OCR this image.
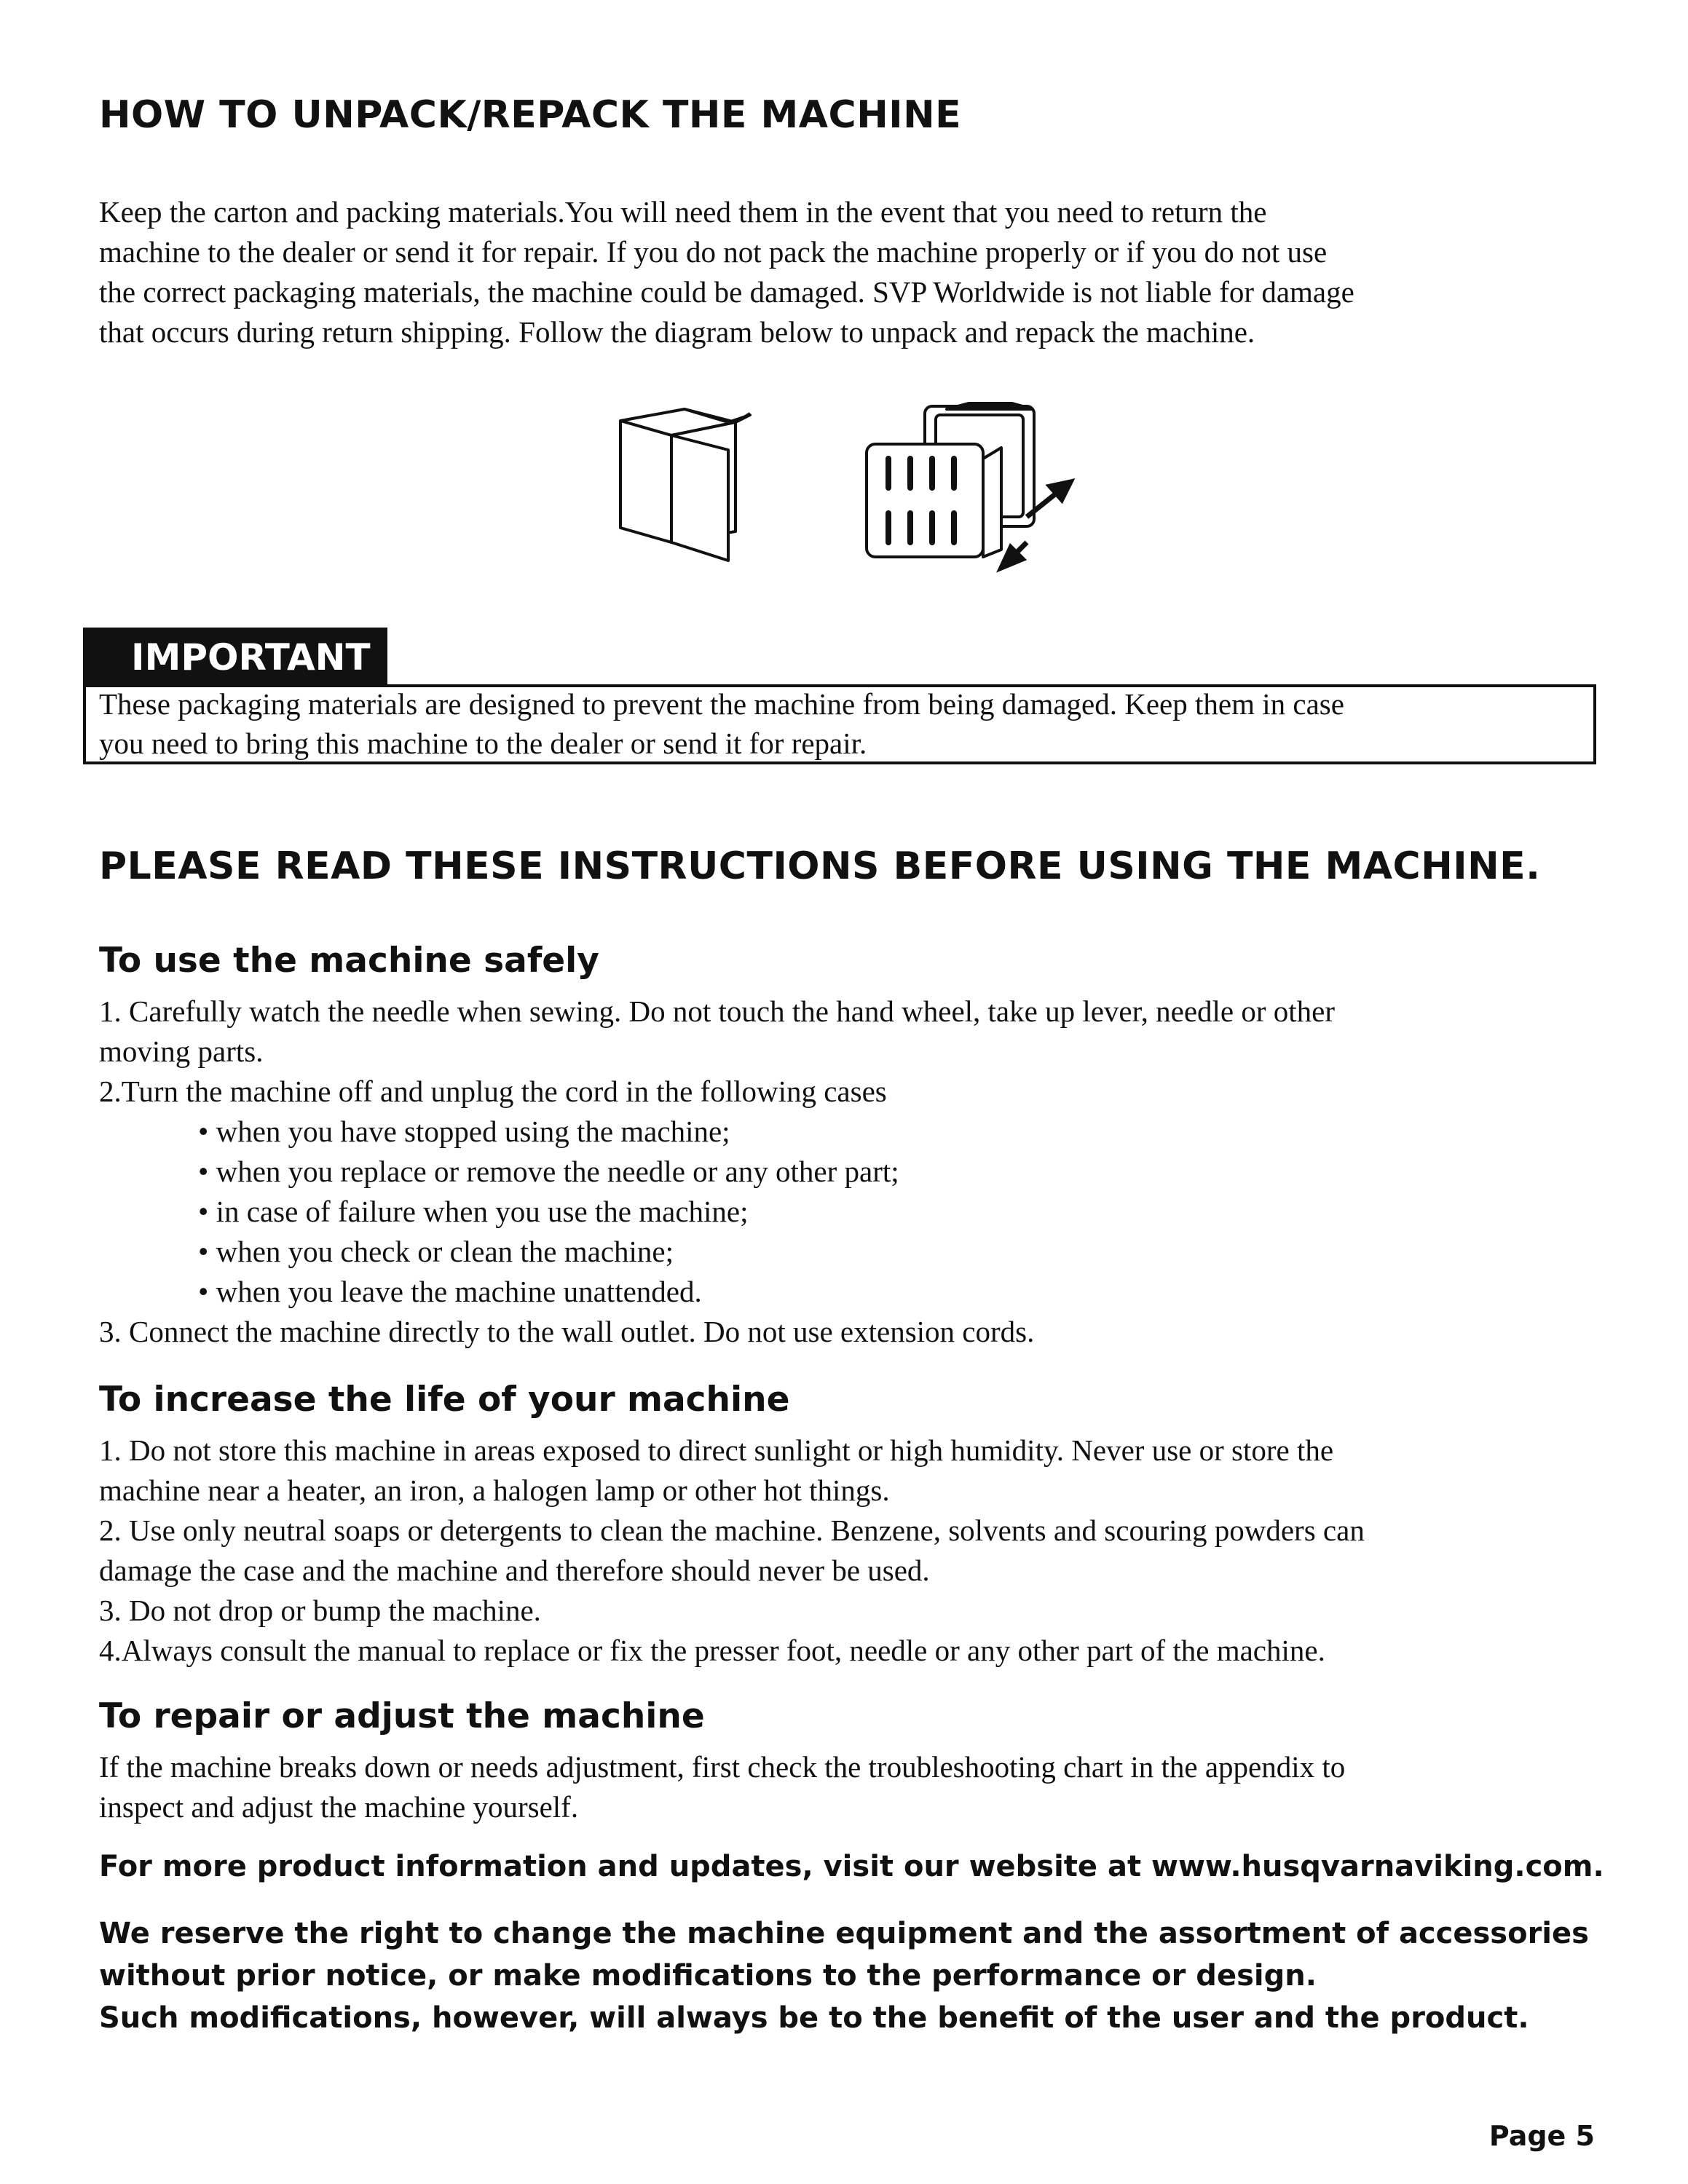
HOW TO UNPACK/REPACK THE MACHINE

Keep the carton and packing materials.You will need them in the event that you need to return the
machine to the dealer or send it for repair. If you do not pack the machine properly or if you do not use
the correct packaging materials, the machine could be damaged. SVP Worldwide is not liable for damage
that occurs during return shipping. Follow the diagram below to unpack and repack the machine.

IMPORTANT

These packaging materials are designed to prevent the machine from being damaged. Keep them in case
you need to bring this machine to the dealer or send it for repair.

PLEASE READ THESE INSTRUCTIONS BEFORE USING THE MACHINE.
To use the machine safely

1. Carefully watch the needle when sewing. Do not touch the hand wheel, take up lever, needle or other
moving parts.
2.Turn the machine off and unplug the cord in the following cases
• when you have stopped using the machine;
• when you replace or remove the needle or any other part;
• in case of failure when you use the machine;
• when you check or clean the machine;
• when you leave the machine unattended.
3. Connect the machine directly to the wall outlet. Do not use extension cords.

To increase the life of your machine

1. Do not store this machine in areas exposed to direct sunlight or high humidity. Never use or store the
machine near a heater, an iron, a halogen lamp or other hot things.
2. Use only neutral soaps or detergents to clean the machine. Benzene, solvents and scouring powders can
damage the case and the machine and therefore should never be used.
3. Do not drop or bump the machine.
4.Always consult the manual to replace or fix the presser foot, needle or any other part of the machine.

To repair or adjust the machine

If the machine breaks down or needs adjustment, first check the troubleshooting chart in the appendix to
inspect and adjust the machine yourself.

For more product information and updates, visit our website at www.husqvarnaviking.com.

We reserve the right to change the machine equipment and the assortment of accessories
without prior notice, or make modifications to the performance or design.
Such modifications, however, will always be to the benefit of the user and the product.

Page 5
